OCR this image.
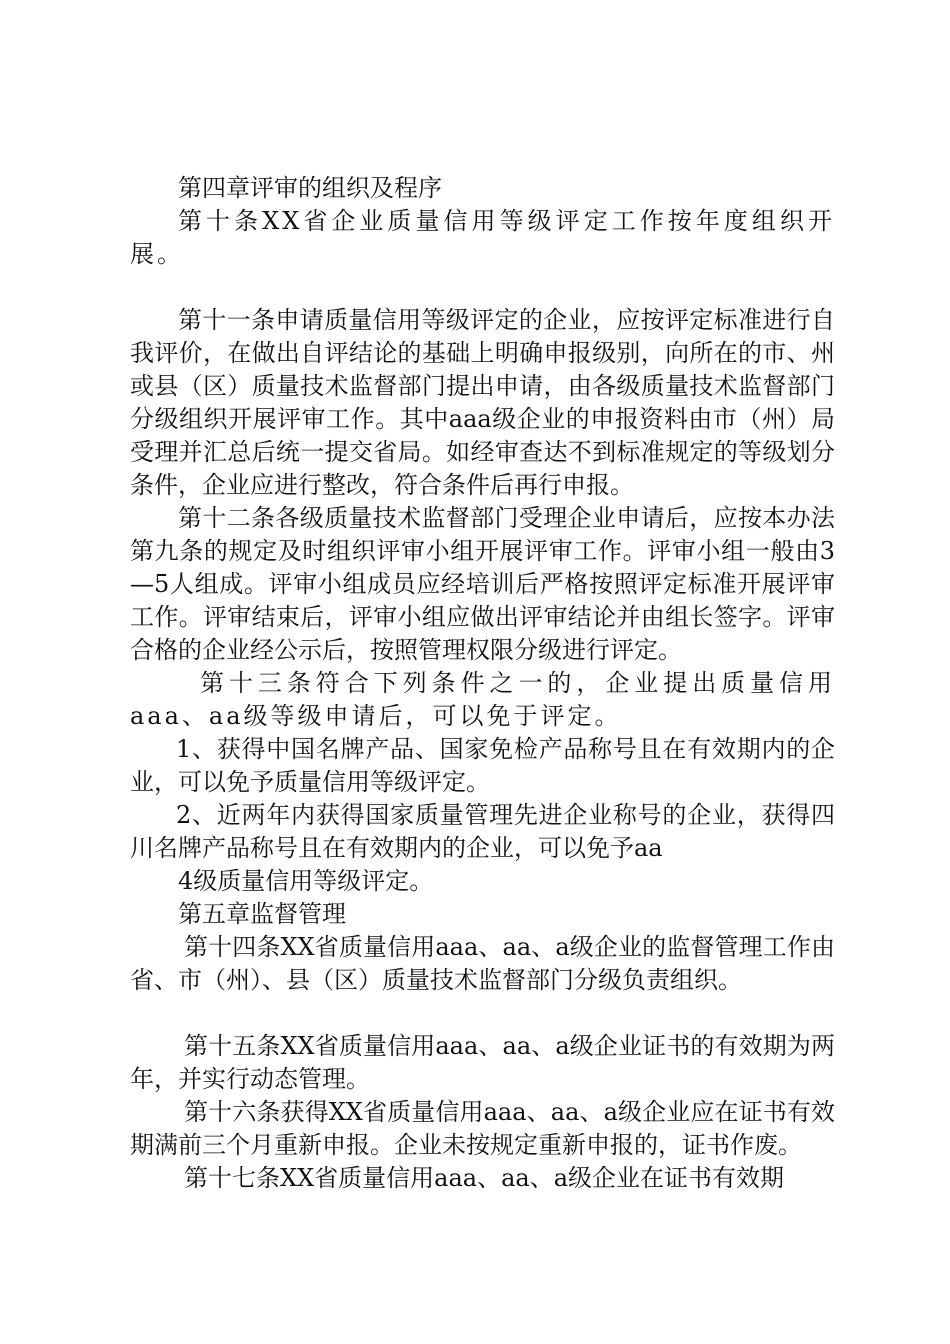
第四章评审的组织及程序

第十条XX省企业质量信用等级评定工作按年度组织开展。

第十一条申请质量信用等级评定的企业，应按评定标准进行自我评价，在做出自评结论的基础上明确申报级别，向所在的市、州或县（区）质量技术监督部门提出申请，由各级质量技术监督部门分级组织开展评审工作。其中aaa级企业的申报资料由市（州）局受理并汇总后统一提交省局。如经审查达不到标准规定的等级划分条件，企业应进行整改，符合条件后再行申报。

第十二条各级质量技术监督部门受理企业申请后，应按本办法第九条的规定及时组织评审小组开展评审工作。评审小组一般由3—5人组成。评审小组成员应经培训后严格按照评定标准开展评审工作。评审结束后，评审小组应做出评审结论并由组长签字。评审合格的企业经公示后，按照管理权限分级进行评定。

第十三条符合下列条件之一的，企业提出质量信用aaa、aa级等级申请后，可以免于评定。

1、获得中国名牌产品、国家免检产品称号且在有效期内的企业，可以免予质量信用等级评定。

2、近两年内获得国家质量管理先进企业称号的企业，获得四川名牌产品称号且在有效期内的企业，可以免予aa

4级质量信用等级评定。

第五章监督管理

第十四条XX省质量信用aaa、aa、a级企业的监督管理工作由省、市（州）、县（区）质量技术监督部门分级负责组织。

第十五条XX省质量信用aaa、aa、a级企业证书的有效期为两年，并实行动态管理。

第十六条获得XX省质量信用aaa、aa、a级企业应在证书有效期满前三个月重新申报。企业未按规定重新申报的，证书作废。

第十七条XX省质量信用aaa、aa、a级企业在证书有效期
